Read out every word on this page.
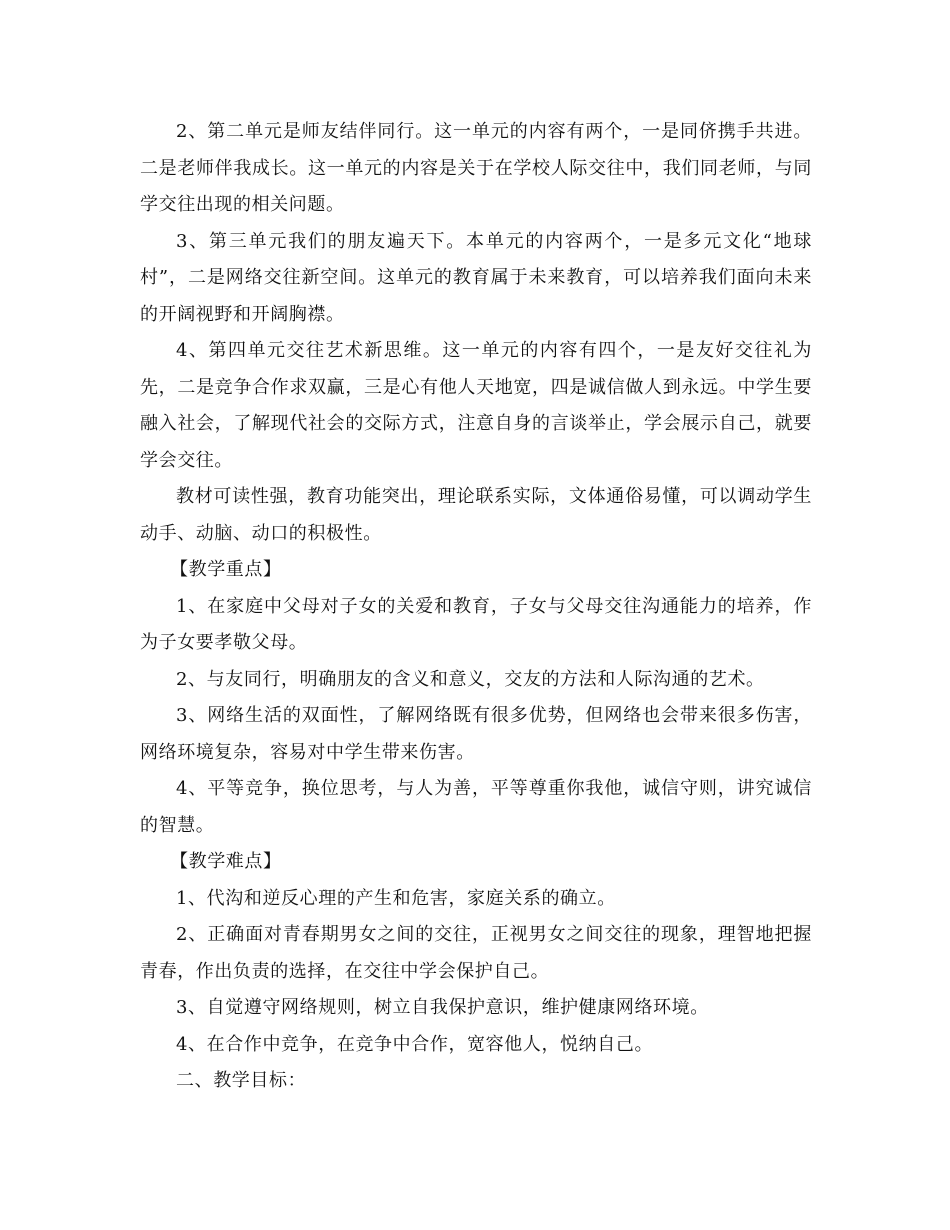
2、第二单元是师友结伴同行。这一单元的内容有两个，一是同侪携手共进。二是老师伴我成长。这一单元的内容是关于在学校人际交往中，我们同老师，与同学交往出现的相关问题。

3、第三单元我们的朋友遍天下。本单元的内容两个，一是多元文化“地球村”，二是网络交往新空间。这单元的教育属于未来教育，可以培养我们面向未来的开阔视野和开阔胸襟。

4、第四单元交往艺术新思维。这一单元的内容有四个，一是友好交往礼为先，二是竞争合作求双赢，三是心有他人天地宽，四是诚信做人到永远。中学生要融入社会，了解现代社会的交际方式，注意自身的言谈举止，学会展示自己，就要学会交往。

教材可读性强，教育功能突出，理论联系实际，文体通俗易懂，可以调动学生动手、动脑、动口的积极性。

【教学重点】

1、在家庭中父母对子女的关爱和教育，子女与父母交往沟通能力的培养，作为子女要孝敬父母。

2、与友同行，明确朋友的含义和意义，交友的方法和人际沟通的艺术。

3、网络生活的双面性，了解网络既有很多优势，但网络也会带来很多伤害，网络环境复杂，容易对中学生带来伤害。

4、平等竞争，换位思考，与人为善，平等尊重你我他，诚信守则，讲究诚信的智慧。

【教学难点】

1、代沟和逆反心理的产生和危害，家庭关系的确立。

2、正确面对青春期男女之间的交往，正视男女之间交往的现象，理智地把握青春，作出负责的选择，在交往中学会保护自己。

3、自觉遵守网络规则，树立自我保护意识，维护健康网络环境。

4、在合作中竞争，在竞争中合作，宽容他人，悦纳自己。

二、教学目标：
